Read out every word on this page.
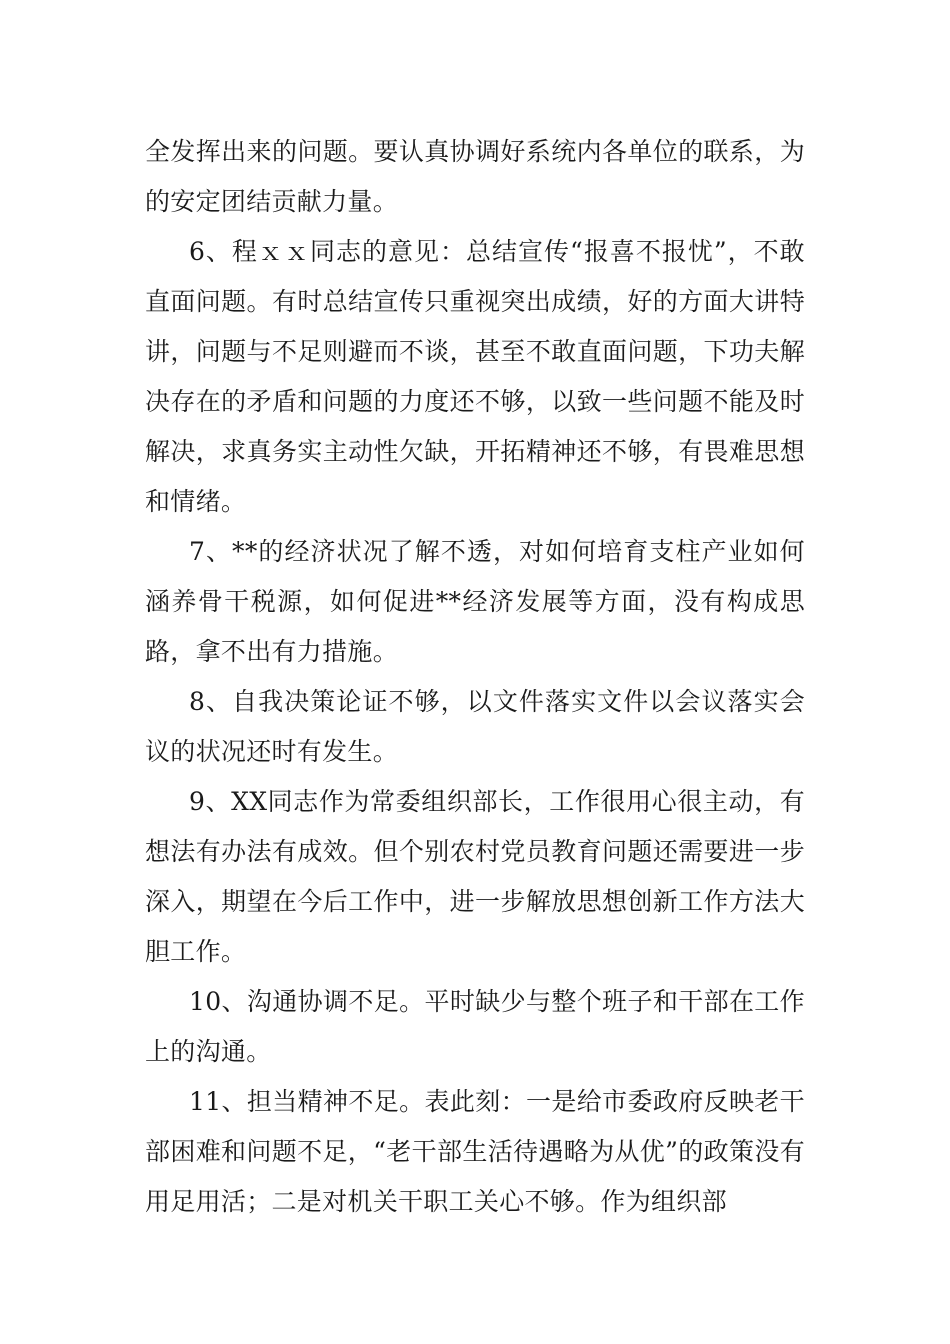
全发挥出来的问题。要认真协调好系统内各单位的联系，为的安定团结贡献力量。

6、程ｘｘ同志的意见：总结宣传“报喜不报忧”，不敢直面问题。有时总结宣传只重视突出成绩，好的方面大讲特讲，问题与不足则避而不谈，甚至不敢直面问题，下功夫解决存在的矛盾和问题的力度还不够，以致一些问题不能及时解决，求真务实主动性欠缺，开拓精神还不够，有畏难思想和情绪。

7、**的经济状况了解不透，对如何培育支柱产业如何涵养骨干税源，如何促进**经济发展等方面，没有构成思路，拿不出有力措施。

8、自我决策论证不够，以文件落实文件以会议落实会议的状况还时有发生。

9、XX同志作为常委组织部长，工作很用心很主动，有想法有办法有成效。但个别农村党员教育问题还需要进一步深入，期望在今后工作中，进一步解放思想创新工作方法大胆工作。

10、沟通协调不足。平时缺少与整个班子和干部在工作上的沟通。

11、担当精神不足。表此刻：一是给市委政府反映老干部困难和问题不足，“老干部生活待遇略为从优”的政策没有用足用活；二是对机关干职工关心不够。作为组织部
